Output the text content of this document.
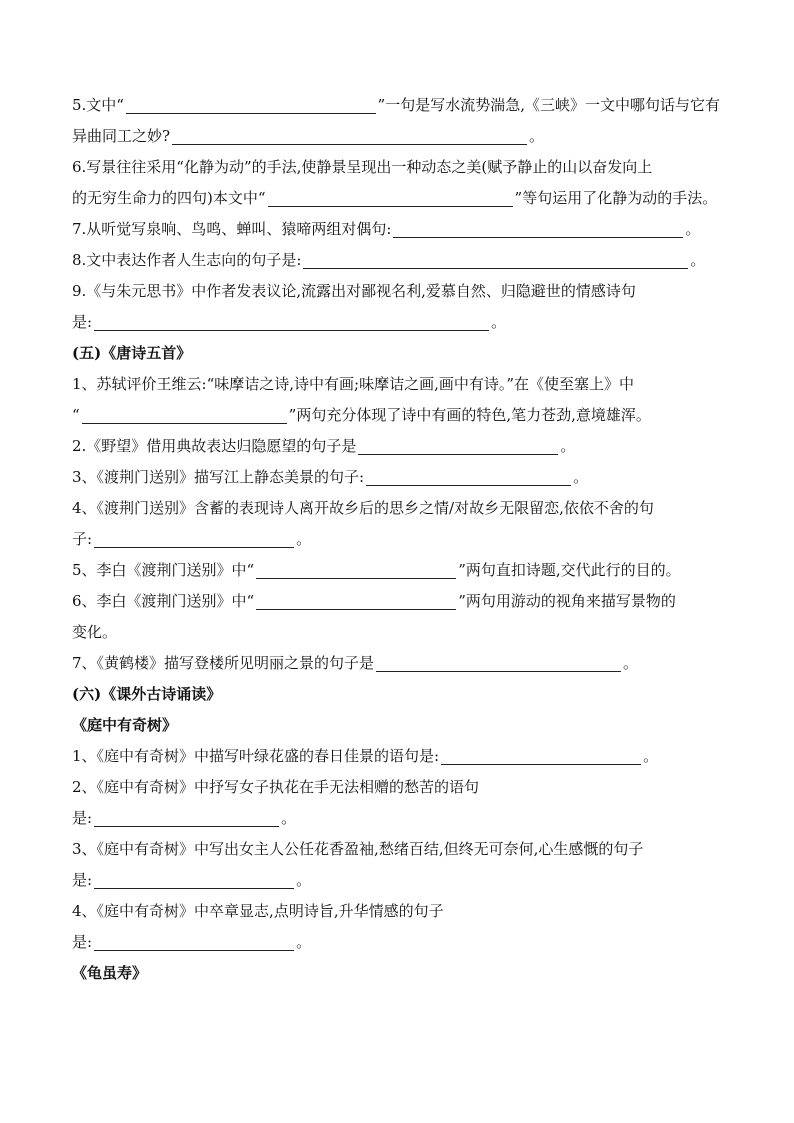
5.文中“	”一句是写水流势湍急,《三峡》一文中哪句话与它有
异曲同工之妙?	。
6.写景往往采用“化静为动”的手法,使静景呈现出一种动态之美(赋予静止的山以奋发向上
的无穷生命力的四句)本文中“	”等句运用了化静为动的手法。
7.从听觉写泉响、鸟鸣、蝉叫、猿啼两组对偶句:	。
8.文中表达作者人生志向的句子是:	。
9.《与朱元思书》中作者发表议论,流露出对鄙视名利,爱慕自然、归隐避世的情感诗句
是:	。
(五)《唐诗五首》
1、苏轼评价王维云:“味摩诘之诗,诗中有画;味摩诘之画,画中有诗。”在《使至塞上》中
“	”两句充分体现了诗中有画的特色,笔力苍劲,意境雄浑。
2.《野望》借用典故表达归隐愿望的句子是	。
3、《渡荆门送别》描写江上静态美景的句子:	。
4、《渡荆门送别》含蓄的表现诗人离开故乡后的思乡之情/对故乡无限留恋,依依不舍的句
子:	。
5、李白《渡荆门送别》中“	”两句直扣诗题,交代此行的目的。
6、李白《渡荆门送别》中“	”两句用游动的视角来描写景物的
变化。
7、《黄鹤楼》描写登楼所见明丽之景的句子是	。
(六)《课外古诗诵读》
《庭中有奇树》
1、《庭中有奇树》中描写叶绿花盛的春日佳景的语句是:	。
2、《庭中有奇树》中抒写女子执花在手无法相赠的愁苦的语句
是:	。
3、《庭中有奇树》中写出女主人公任花香盈袖,愁绪百结,但终无可奈何,心生感慨的句子
是:	。
4、《庭中有奇树》中卒章显志,点明诗旨,升华情感的句子
是:	。
《龟虽寿》
